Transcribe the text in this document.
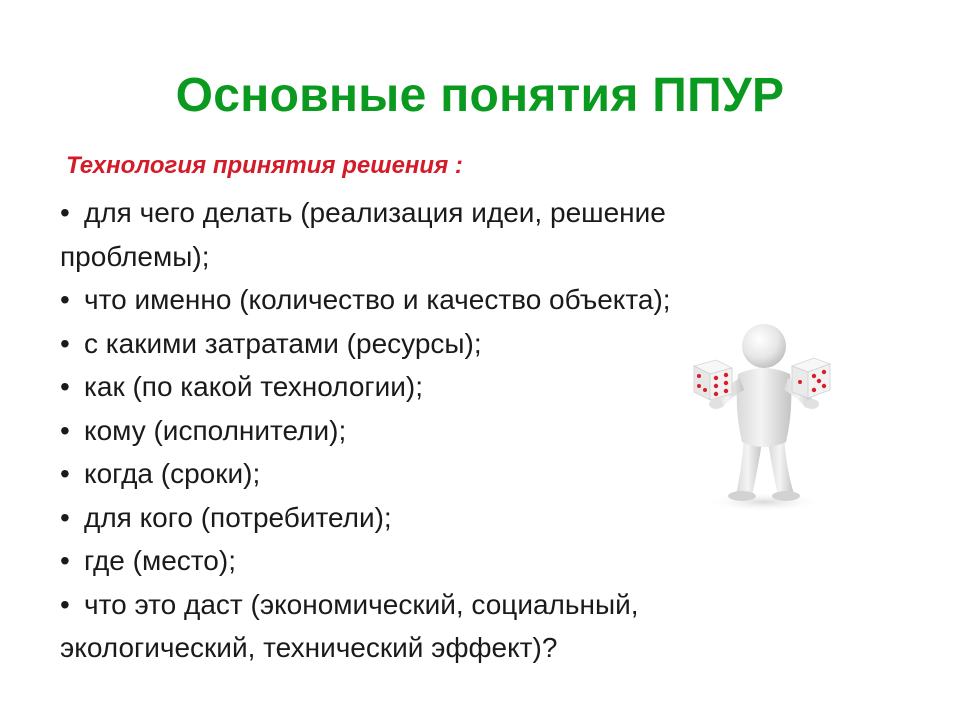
Основные понятия ППУР
Технология принятия решения :
• для чего делать (реализация идеи, решение проблемы);
• что именно (количество и качество объекта);
• с какими затратами (ресурсы);
• как (по какой технологии);
• кому (исполнители);
• когда (сроки);
• для кого (потребители);
• где (место);
• что это даст (экономический, социальный, экологический, технический эффект)?
